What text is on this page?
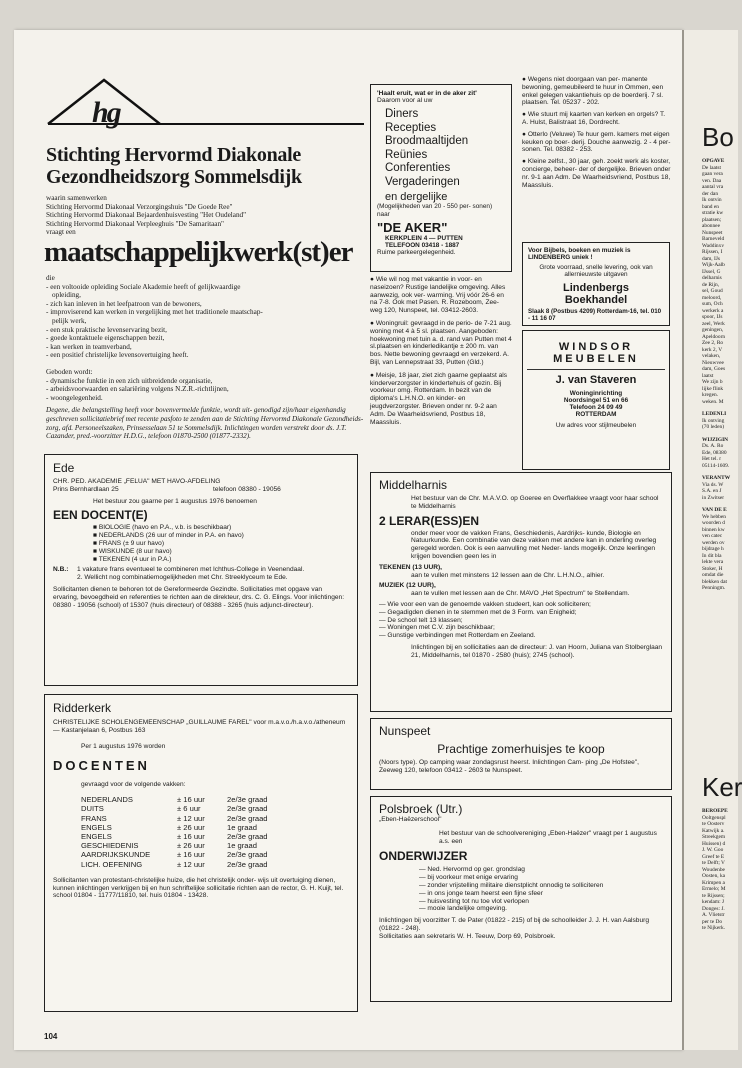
hg
Stichting Hervormd Diakonale
Gezondheidszorg Sommelsdijk

waarin samenwerken

Stichting Hervormd Diakonaal Verzorgingshuis "De Goede Ree"

Stichting Hervormd Diakonaal Bejaardenhuisvesting "Het Oudeland"

Stichting Hervormd Diakonaal Verpleeghuis "De Samaritaan"

vraagt een

maatschappelijkwerk(st)er

die

- een voltooide opleiding Sociale Akademie heeft of gelijkwaardige
opleiding,
- zich kan inleven in het leefpatroon van de bewoners,
- improviserend kan werken in vergelijking met het traditionele maatschap-
pelijk werk,
- een stuk praktische levenservaring bezit,
- goede kontaktuele eigenschappen bezit,
- kan werken in teamverband,
- een positief christelijke levensovertuiging heeft.

Geboden wordt:

- dynamische funktie in een zich uitbreidende organisatie,
- arbeidsvoorwaarden en salariëring volgens N.Z.R.-richtlijnen,
- woongelegenheid.

Degene, die belangstelling heeft voor bovenvermelde funktie, wordt uit- genodigd zijn/haar eigenhandig geschreven sollicitatiebrief met recente pasfoto te zenden aan de Stichting Hervormd Diakonale Gezondheids- zorg, afd. Personeelszaken, Prinsesselaan 51 te Sommelsdijk. Inlichtingen worden verstrekt door ds. J.T. Cazander, pred.-voorzitter H.D.G., telefoon 01870-2500 (01877-2332).

Ede

CHR. PED. AKADEMIE „FELUA" MET HAVO-AFDELING

Prins Bernhardlaan 25	telefoon 08380 - 19056

Het bestuur zou gaarne per 1 augustus 1976 benoemen

EEN DOCENT(E)
■ BIOLOGIE (havo en P.A., v.b. is beschikbaar)
■ NEDERLANDS (26 uur of minder in P.A. en havo)
■ FRANS (± 9 uur havo)
■ WISKUNDE (8 uur havo)
■ TEKENEN (4 uur in P.A.)
N.B.:	1 vakature frans eventueel te combineren met Ichthus-College in Veenendaal.

2. Wellicht nog combinatiemogelijkheden met Chr. Streeklyceum te Ede.

Sollicitanten dienen te behoren tot de Gereformeerde Gezindte. Sollicitaties met opgave van ervaring, bevoegdheid en referenties te richten aan de direkteur, drs. C. G. Elings. Voor inlichtingen: 08380 - 19056 (school) of 15307 (huis directeur) of 08388 - 3265 (huis adjunct-directeur).

Ridderkerk

CHRISTELIJKE SCHOLENGEMEENSCHAP „GUILLAUME FAREL" voor m.a.v.o./h.a.v.o./atheneum — Kastanjelaan 6, Postbus 163

Per 1 augustus 1976 worden

DOCENTEN

gevraagd voor de volgende vakken:

NEDERLANDS	± 16 uur	2e/3e graad
DUITS	± 6 uur	2e/3e graad
FRANS	± 12 uur	2e/3e graad
ENGELS	± 26 uur	1e graad
ENGELS	± 16 uur	2e/3e graad
GESCHIEDENIS	± 26 uur	1e graad
AARDRIJKSKUNDE	± 16 uur	2e/3e graad
LICH. OEFENING	± 12 uur	2e/3e graad

Sollicitanten van protestant-christelijke huize, die het christelijk onder- wijs uit overtuiging dienen, kunnen inlichtingen verkrijgen bij en hun schriftelijke sollicitatie richten aan de rector, G. H. Kuijt, tel. school 01804 - 11777/11810, tel. huis 01804 - 13428.

104

'Haalt eruit, wat er in de aker zit'

Daarom voor al uw

Diners
Recepties
Broodmaaltijden
Reünies
Conferenties
Vergaderingen

en dergelijke

(Mogelijkheden van 20 - 550 per- sonen) naar

"DE AKER"

KERKPLEIN 4 — PUTTEN

TELEFOON 03418 - 1887

Ruime parkeergelegenheid.

● Wie wil nog met vakantie in voor- en naseizoen? Rustige landelijke omgeving. Alles aanwezig, ook ver- warming. Vrij vóór 26-6 en na 7-8. Ook met Pasen. R. Rozeboom, Zee- weg 120, Nunspeet, tel. 03412-2603.

● Woningruil: gevraagd in de perio- de 7-21 aug. woning met 4 à 5 sl. plaatsen. Aangeboden: hoekwoning met tuin a. d. rand van Putten met 4 sl.plaatsen en kinderledikantje ± 200 m. van bos. Nette bewoning gevraagd en verzekerd. A. Bijl, van Lennepstraat 33, Putten (Gld.)

● Meisje, 18 jaar, ziet zich gaarne geplaatst als kinderverzorgster in kindertehuis of gezin. Bij voorkeur omg. Rotterdam. In bezit van de diploma's L.H.N.O. en kinder- en jeugdverzorgster. Brieven onder nr. 9-2 aan Adm. De Waarheidsvriend, Postbus 18, Maassluis.

● Wegens niet doorgaan van per- manente bewoning, gemeubileerd te huur in Ommen, een enkel gelegen vakantiehuis op de boerderij. 7 sl. plaatsen. Tel. 05237 - 202.

● Wie stuurt mij kaarten van kerken en orgels? T. A. Hulst, Balistraat 16, Dordrecht.

● Otterlo (Veluwe) Te huur gem. kamers met eigen keuken op boer- derij. Douche aanwezig. 2 - 4 per- sonen. Tel. 08382 - 253.

● Kleine zelfst., 30 jaar, geh. zoekt werk als koster, concierge, beheer- der of dergelijke. Brieven onder nr. 9-1 aan Adm. De Waarheidsvriend, Postbus 18, Maassluis.

Voor Bijbels, boeken en muziek is LINDENBERG uniek !

Grote voorraad, snelle levering, ook van allernieuwste uitgaven

Lindenbergs

Boekhandel

Slaak 8 (Postbus 4209) Rotterdam-16, tel. 010 - 11 16 07

WINDSOR

MEUBELEN

J. van Staveren

Woninginrichting

Noordsingel 51 en 66

Telefoon 24 09 49

ROTTERDAM

Uw adres voor stijlmeubelen

Middelharnis

Het bestuur van de Chr. M.A.V.O. op Goeree en Overflakkee vraagt voor haar school te Middelharnis

2 LERAR(ESS)EN

onder meer voor de vakken Frans, Geschiedenis, Aardrijks- kunde, Biologie en Natuurkunde. Een combinatie van deze vakken met andere kan in onderling overleg geregeld worden. Ook is een aanvulling met Neder- lands mogelijk. Onze leerlingen krijgen bovendien geen les in

TEKENEN (13 UUR),

aan te vullen met minstens 12 lessen aan de Chr. L.H.N.O., alhier.

MUZIEK (12 UUR),

aan te vullen met lessen aan de Chr. MAVO „Het Spectrum" te Stellendam.

— Wie voor een van de genoemde vakken studeert, kan ook solliciteren;
— Gegadigden dienen in te stemmen met de 3 Form. van Enigheid;
— De school telt 13 klassen;
— Woningen met C.V. zijn beschikbaar;
— Gunstige verbindingen met Rotterdam en Zeeland.

Inlichtingen bij en sollicitaties aan de directeur: J. van Hoorn, Juliana van Stolberglaan 21, Middelharnis, tel 01870 - 2580 (huis); 2745 (school).

Nunspeet
Prachtige zomerhuisjes te koop

(Noors type). Op camping waar zondagsrust heerst. Inlichtingen Cam- ping „De Hofstee", Zeeweg 120, telefoon 03412 - 2603 te Nunspeet.

Polsbroek (Utr.)

„Eben-Haëzerschool"

Het bestuur van de schoolvereniging „Eben-Haëzer" vraagt per 1 augustus a.s. een

ONDERWIJZER
— Ned. Hervormd op ger. grondslag
— bij voorkeur met enige ervaring
— zonder vrijstelling militaire dienstplicht onnodig te solliciteren
— in ons jonge team heerst een fijne sfeer
— huisvesting tot nu toe vlot verlopen
— mooie landelijke omgeving.

Inlichtingen bij voorzitter T. de Pater (01822 - 215) of bij de schoolleider J. J. H. van Aalsburg (01822 - 248).

Sollicitaties aan sekretaris W. H. Teeuw, Dorp 69, Polsbroek.

Bo

OPGAVE

De laatst

gaan vera

ven. Daa

aantal vra

der dan

Ik ontvin

band en

stratie kw

plaatsen;

abonnee

Nunspeet

Barneveld

Waddinxv

Rijssen, I

dam, IJs

Wijk-Aalb

IJssel, G

delharnis

de Rijn,

sel, Goud

meloord,

sum, Och

werkerk a

spoor, IJs

zeel, Werk

geningen,

Apeldoorn

Zee 2, Ro

kerk 2, V

velaken,

Nieuwvee

dam, Goes

laatst

We zijn b

lijke flink

kregen.

weken. M

LEDENLI

Ik ontving

(70 leden)

WIJZIGIN

Ds. A. Ro

Ede, 08380

Het tel. r

05114-1609.

VERANTW

Via ds. W

S.A. en J

in Zwitser

VAN DE E

We hebben

woorden d

binnen kw

ven catec

werden ov

bijdrage h

In dit bla

lekte vera

Stoker, H

omdat die

blekken dat

Penningm.

Ker

BEROEPE

Ooltgenspl

te Oosterv

Katwijk a.

Streekgem

Huissen) d

J. W. Goo

Greef te E

te Delft; V

Woudenbe

Oosten, ka

Krimpen a

Ermelo; M

te Rijssen;

kendam: J

Donges: J.

A. Vlietstr

per te Do

te Nijkerk.
